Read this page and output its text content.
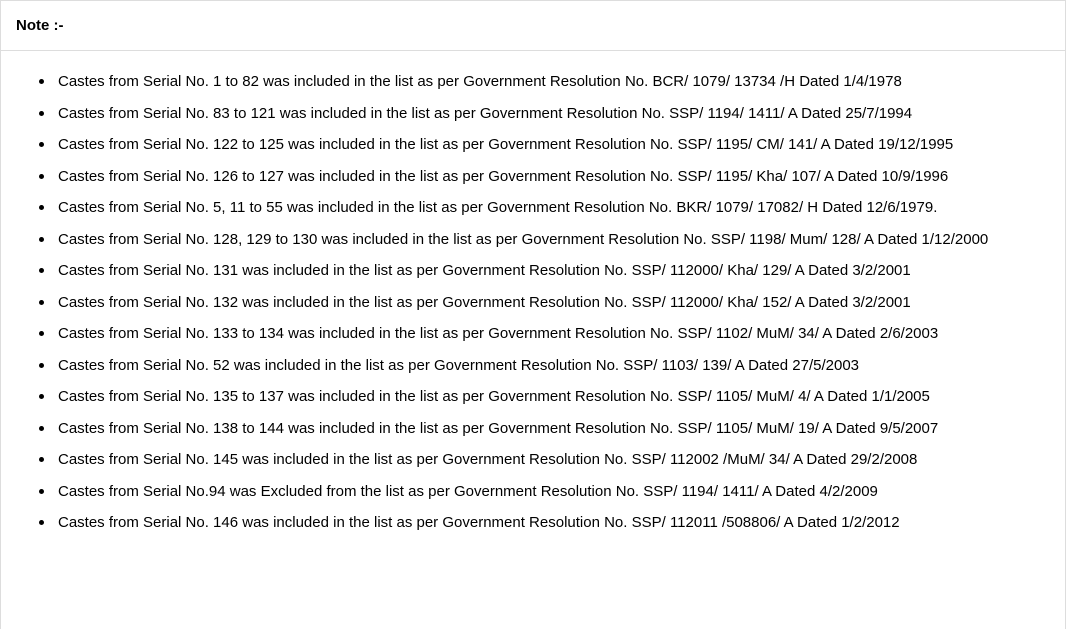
Note :-
Castes from Serial No. 1 to 82 was included in the list as per Government Resolution No. BCR/ 1079/ 13734 /H Dated 1/4/1978
Castes from Serial No. 83 to 121 was included in the list as per Government Resolution No. SSP/ 1194/ 1411/ A Dated 25/7/1994
Castes from Serial No. 122 to 125 was included in the list as per Government Resolution No. SSP/ 1195/ CM/ 141/ A Dated 19/12/1995
Castes from Serial No. 126 to 127 was included in the list as per Government Resolution No. SSP/ 1195/ Kha/ 107/ A Dated 10/9/1996
Castes from Serial No. 5, 11 to 55 was included in the list as per Government Resolution No. BKR/ 1079/ 17082/ H Dated 12/6/1979.
Castes from Serial No. 128, 129 to 130 was included in the list as per Government Resolution No. SSP/ 1198/ Mum/ 128/ A Dated 1/12/2000
Castes from Serial No. 131 was included in the list as per Government Resolution No. SSP/ 112000/ Kha/ 129/ A Dated 3/2/2001
Castes from Serial No. 132 was included in the list as per Government Resolution No. SSP/ 112000/ Kha/ 152/ A Dated 3/2/2001
Castes from Serial No. 133 to 134 was included in the list as per Government Resolution No. SSP/ 1102/ MuM/ 34/ A Dated 2/6/2003
Castes from Serial No. 52 was included in the list as per Government Resolution No. SSP/ 1103/ 139/ A Dated 27/5/2003
Castes from Serial No. 135 to 137 was included in the list as per Government Resolution No. SSP/ 1105/ MuM/ 4/ A Dated 1/1/2005
Castes from Serial No. 138 to 144 was included in the list as per Government Resolution No. SSP/ 1105/ MuM/ 19/ A Dated 9/5/2007
Castes from Serial No. 145 was included in the list as per Government Resolution No. SSP/ 112002 /MuM/ 34/ A Dated 29/2/2008
Castes from Serial No.94 was Excluded from the list as per Government Resolution No. SSP/ 1194/ 1411/ A Dated 4/2/2009
Castes from Serial No. 146 was included in the list as per Government Resolution No. SSP/ 112011 /508806/ A Dated 1/2/2012
